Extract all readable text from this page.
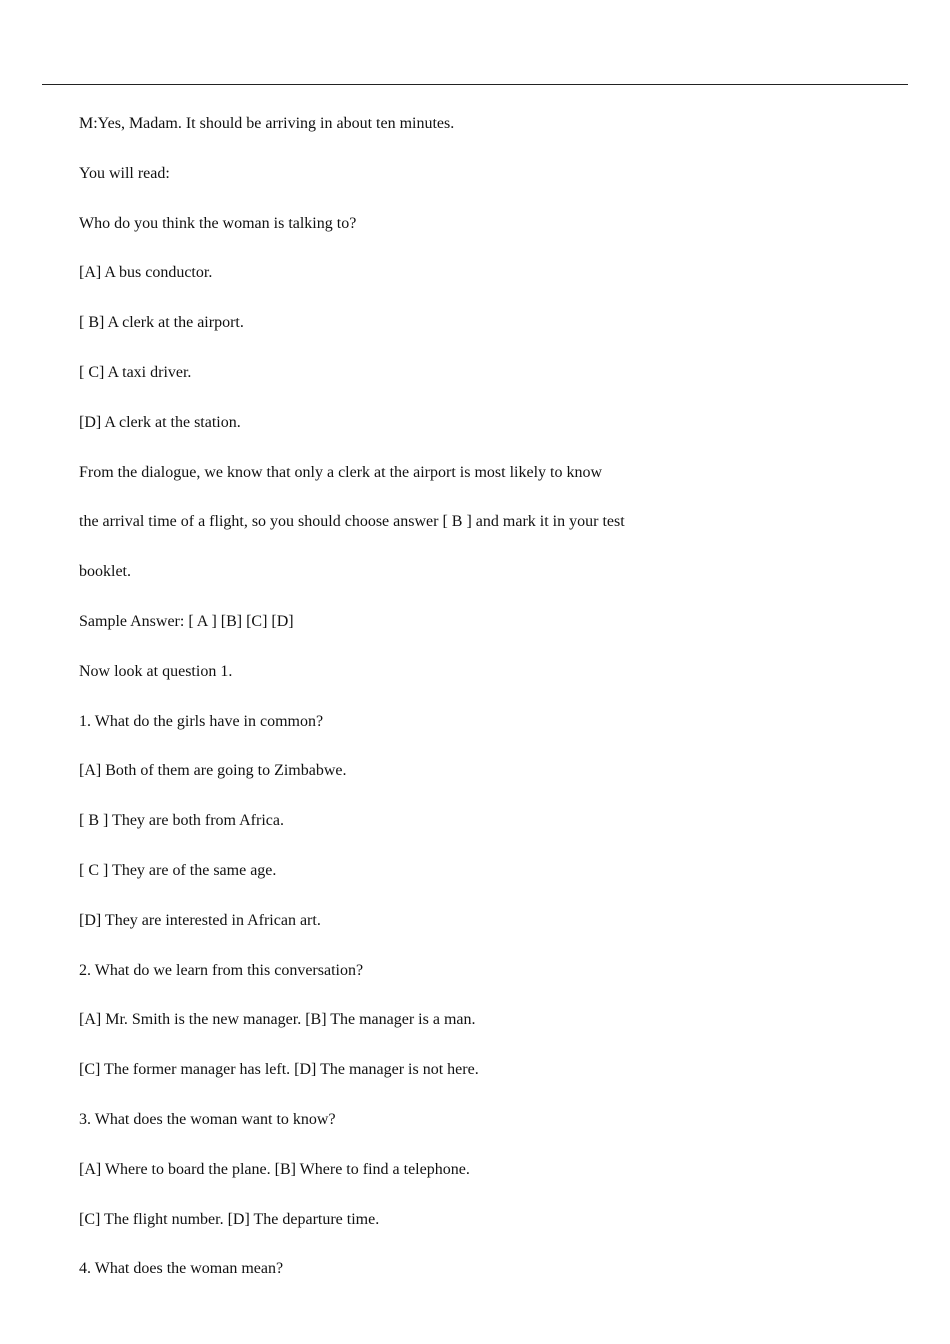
M:Yes, Madam. It should be arriving in about ten minutes.
You will read:
Who do you think the woman is talking to?
[A] A bus conductor.
[ B] A clerk at the airport.
[ C] A taxi driver.
[D] A clerk at the station.
From the dialogue, we know that only a clerk at the airport is most likely to know
the arrival time of a flight, so you should choose answer [ B ] and mark it in your test
booklet.
Sample Answer: [ A ] [B] [C] [D]
Now look at question 1.
1. What do the girls have in common?
[A] Both of them are going to Zimbabwe.
[ B ] They are both from Africa.
[ C ] They are of the same age.
[D] They are interested in African art.
2. What do we learn from this conversation?
[A] Mr. Smith is the new manager. [B] The manager is a man.
[C] The former manager has left. [D] The manager is not here.
3. What does the woman want to know?
[A] Where to board the plane. [B] Where to find a telephone.
[C] The flight number. [D] The departure time.
4. What does the woman mean?
